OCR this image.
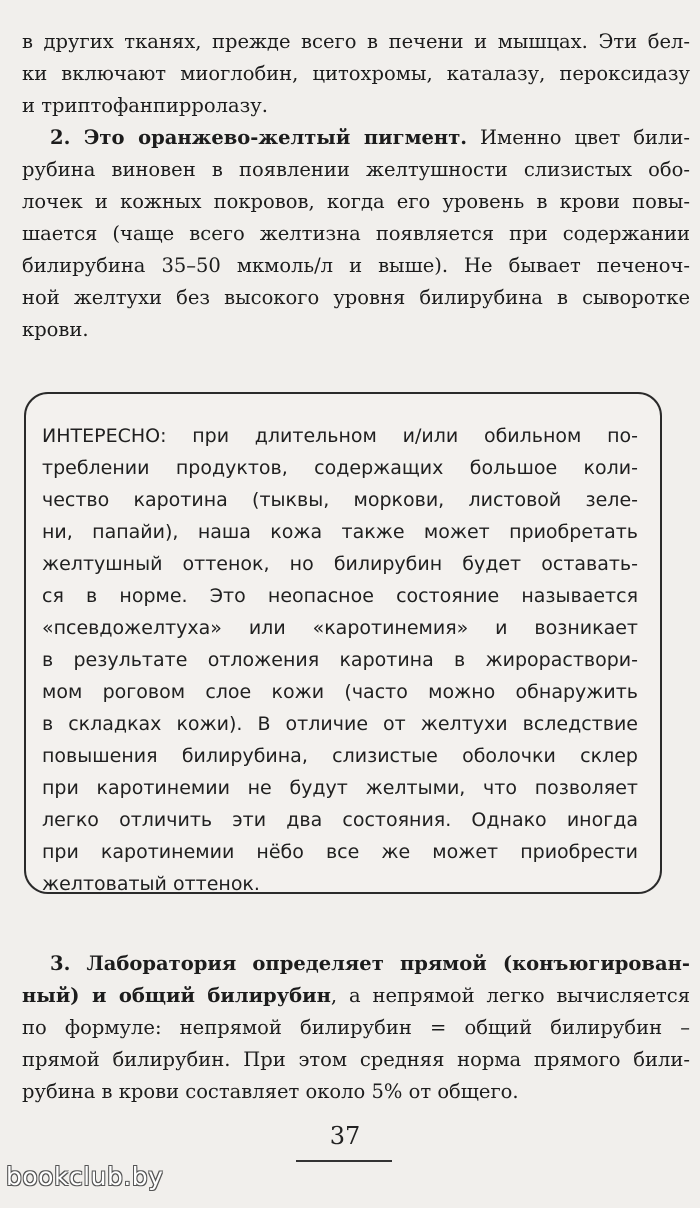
в других тканях, прежде всего в печени и мышцах. Эти бел-
ки включают миоглобин, цитохромы, каталазу, пероксидазу
и триптофанпирролазу.
2. Это оранжево-желтый пигмент. Именно цвет били-
рубина виновен в появлении желтушности слизистых обо-
лочек и кожных покровов, когда его уровень в крови повы-
шается (чаще всего желтизна появляется при содержании
билирубина 35–50 мкмоль/л и выше). Не бывает печеноч-
ной желтухи без высокого уровня билирубина в сыворотке
крови.
ИНТЕРЕСНО: при длительном и/или обильном по-
треблении продуктов, содержащих большое коли-
чество каротина (тыквы, моркови, листовой зеле-
ни, папайи), наша кожа также может приобретать
желтушный оттенок, но билирубин будет оставать-
ся в норме. Это неопасное состояние называется
«псевдожелтуха» или «каротинемия» и возникает
в результате отложения каротина в жирораствори-
мом роговом слое кожи (часто можно обнаружить
в складках кожи). В отличие от желтухи вследствие
повышения билирубина, слизистые оболочки склер
при каротинемии не будут желтыми, что позволяет
легко отличить эти два состояния. Однако иногда
при каротинемии нёбо все же может приобрести
желтоватый оттенок.
3. Лаборатория определяет прямой (конъюгирован-
ный) и общий билирубин, а непрямой легко вычисляется
по формуле: непрямой билирубин = общий билирубин –
прямой билирубин. При этом средняя норма прямого били-
рубина в крови составляет около 5% от общего.
37
bookclub.by
